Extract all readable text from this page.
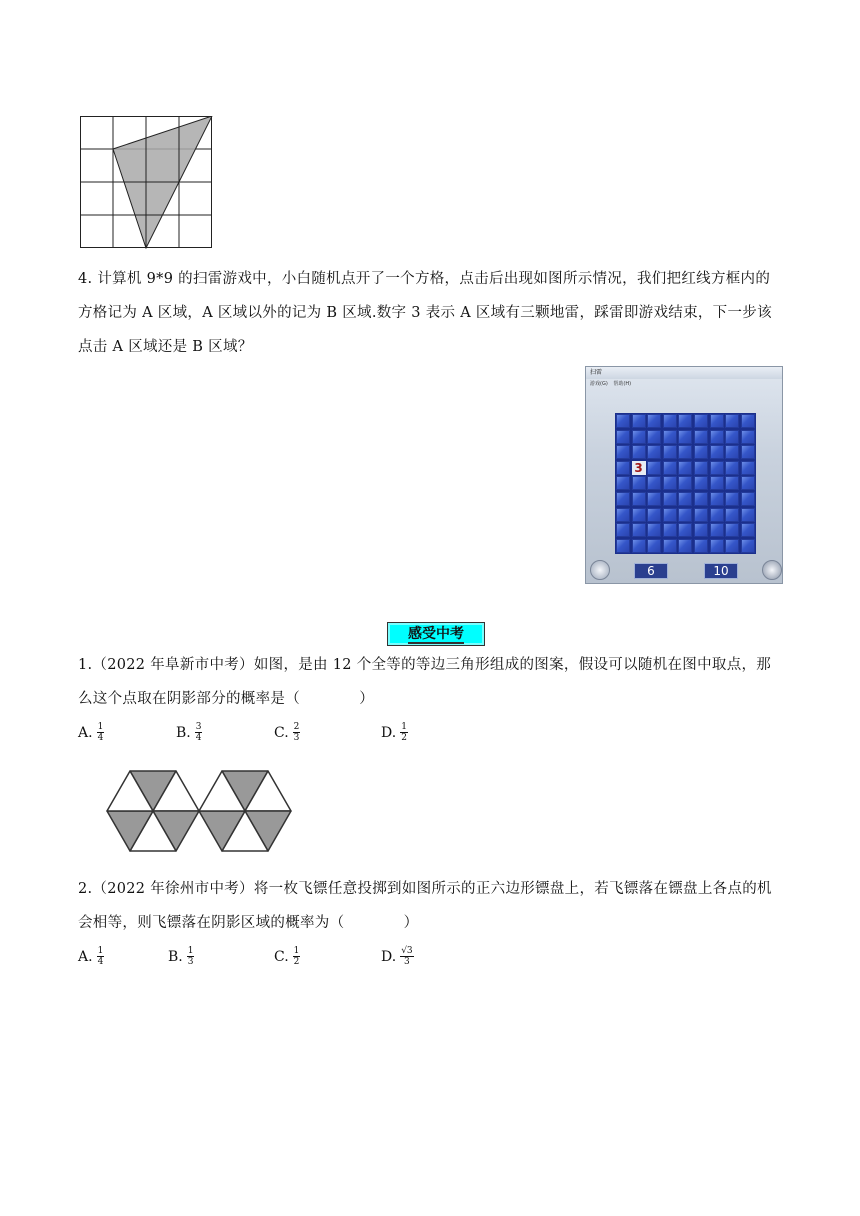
4. 计算机 9*9 的扫雷游戏中，小白随机点开了一个方格，点击后出现如图所示情况，我们把红线方框内的方格记为 A 区域，A 区域以外的记为 B 区域.数字 3 表示 A 区域有三颗地雷，踩雷即游戏结束，下一步该点击 A 区域还是 B 区域？
扫雷
游戏(G) 帮助(H)
3
6	10
感受中考
1.（2022 年阜新市中考）如图，是由 12 个全等的等边三角形组成的图案，假设可以随机在图中取点，那么这个点取在阴影部分的概率是（　　　　）
A. $\frac{1}{4}$	B. $\frac{3}{4}$	C. $\frac{2}{3}$	D. $\frac{1}{2}$
2.（2022 年徐州市中考）将一枚飞镖任意投掷到如图所示的正六边形镖盘上，若飞镖落在镖盘上各点的机会相等，则飞镖落在阴影区域的概率为（　　　　）
A. $\frac{1}{4}$	B. $\frac{1}{3}$	C. $\frac{1}{2}$	D. $\frac{√3}{3}$
